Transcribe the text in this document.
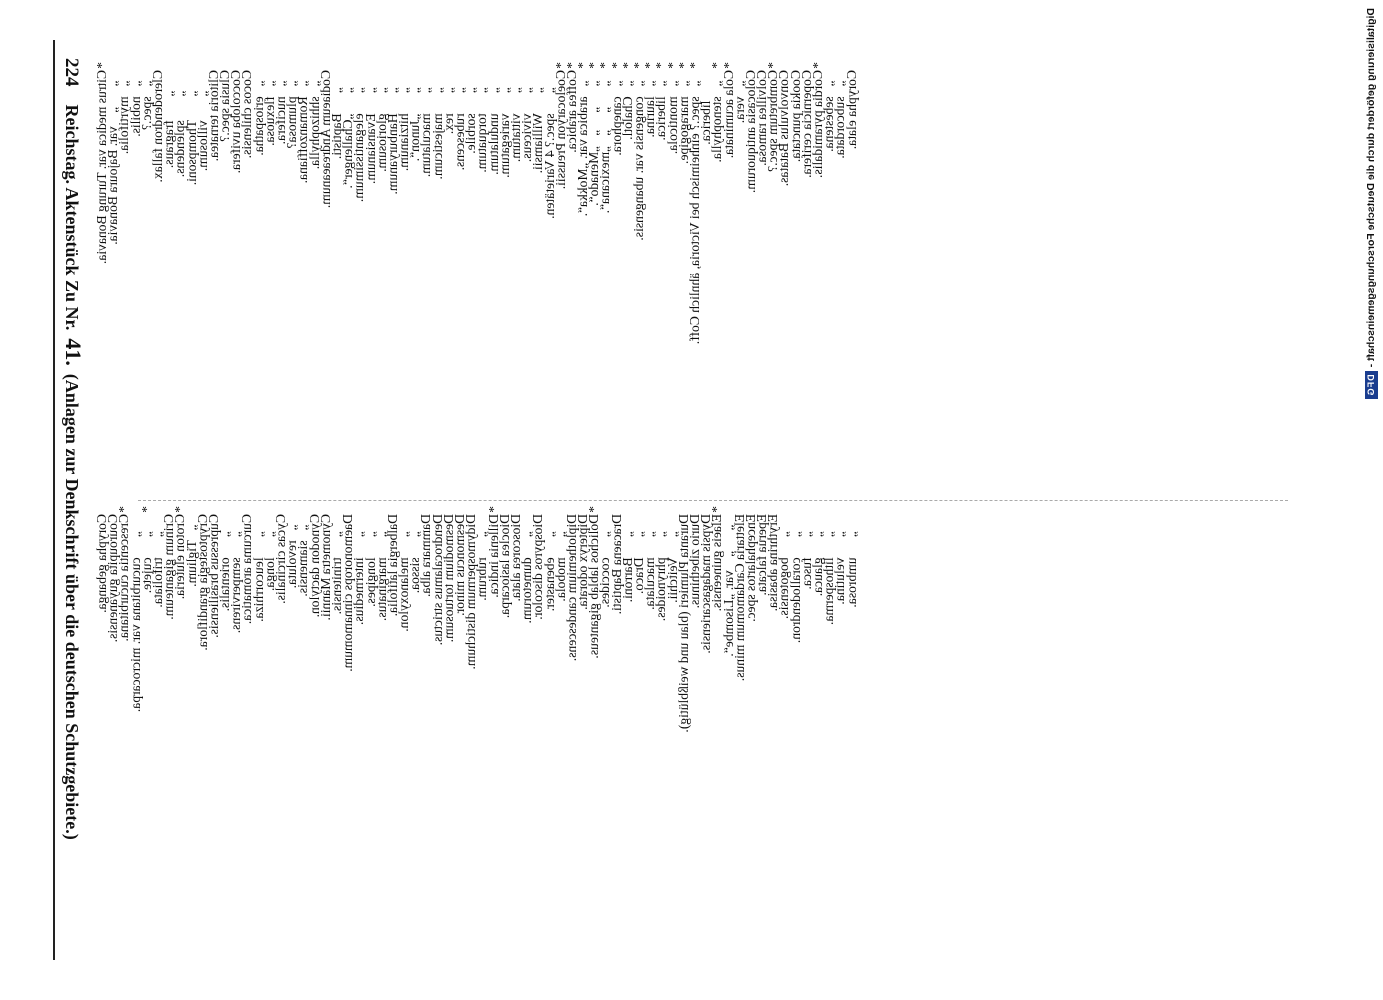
224
Reichstag. Aktenstück Zu Nr.
41.
(Anlagen zur Denkschrift über die deutschen Schutzgebiete.)
*
Citrus medica var. Turung Bonavia.
„      „    var. Bajoura Bonavia.
„   myrtifolia.
„   nobilis.
„   spec.?
Clerodendron fallax.
„       fragraus.
„       splendens.
„       Thompsoni.
„       villosum.
Clitoria ternatea.
Clusia spec.?
Coccoloba uvifera.
Cocos chilensis.
„   eriospatha.
„   flexuosa.
„   nucifera.
„   plumosa?
„   Romanzoffiana.
„   shhizophylla.
Codiaeum Andreaeanum.
„      Baptisti.
„      „Challenger“.
„      elegantissimum.
„      Evansianum.
„      gloriosum.
„      Hanburyanum.
„      hitzianum.
„      „Junon“.
„      maculatum.
„      majesticum.
„      rex.
„      rubescens.
„      sorbile.
„      torquatum.
„      undulatum.
„      variegatum.
„      vittatum.
„      viviceus.
„      Williamsii.
„      spec.? 4 Varietäten.
*
Coelocaryon Preussii.
*
Coffea arabica.
*
„   arabica var. „Mokka“.
*
„      „     „   „Menado“.
*
„      „     „   „mexicana“.
*
„   canephora.
*
„   Chalotl.
*
„   congensis var. ubangensis.
*
„   laurina.
*
„   liberica.
*
„   monticola.
*
„   maragogipe.
*
„   spec.? einheimisch bei Victoria, ähnlich Coff.
liberica.
*
„   stenophylla.
*
Cola acuminata.
„   vera.
Colocasia antiquorum.
Colvillea ramosa.
*
Combretum spec.?
Convolvulus Batatas.
Cookia punctata.
Copernicia cerifera.
*
Cordia pyramidalis.
„   sebestena.
„   subcordata.
Corypha elata.
Corypha gebanga.
Couroupita guyanensis.
*
Crescentia cucurbitana.
„      cucurbitana var. microcarpa.
*
„      cujete.
„      trifoliata.
Crinum giganteum.
*
Croton eluteria.
„   Tiglium.
Cryptostegia grandiflora.
Cupressus brasiliensis.
„      orientalis.
„      sempervirens.
Curcuma aromatica.
„      leucorrhiza.
„      longa.
Cycas circinalis.
„   revoluta.
„   siamensis.
Cynodon dactylon.
Cynometra Mannii.
„      trinitensis.
Daemonorops cinnamomum.
„      intermedius.
„      longipes.
„      marginatus.
Dalbergia latifolia.
„      melanoxylon.
„      sissoa.
Dammara alba.
Dendrocalamus strictus.
Desmodium tortuosum.
Desmoncus minor.
Didymospermum distichum.
„      rubrum.
*
Dillenia indica.
Dioclea lasiocarpa.
Dioscorea alata.
„      dumetorum.
Diospyros discolor.
„      ebenaster.
„      mobola.
Diplothemium candescens.
Dipteryx odorata.
*
Dolichos lablab giganteus.
„      coccides.
Dracaena Baptisti.
„      Barroni.
„      Draco.
„      maculata.
„      phrynoides.
„      Veitchii.
Duranta Plumieri (blau und weißblütig).
Durio zibethinus.
Dypsis madagascariensis.
*
Elaeis guineensis.
„      „    var. „Lisombe“.
Elettaria Cardamomum minus.
Encephalartos spec.
Eperua falcata.
Erythrina abasisa.
„      bogotensis.
„      corallodendron.
„      fusca.
„      glauca.
„      lithosperma.
„      velutina.
„      umbrosa.
Digitalisierung gefördert durch die Deutsche Forschungsgemeinschaft -
DFG
